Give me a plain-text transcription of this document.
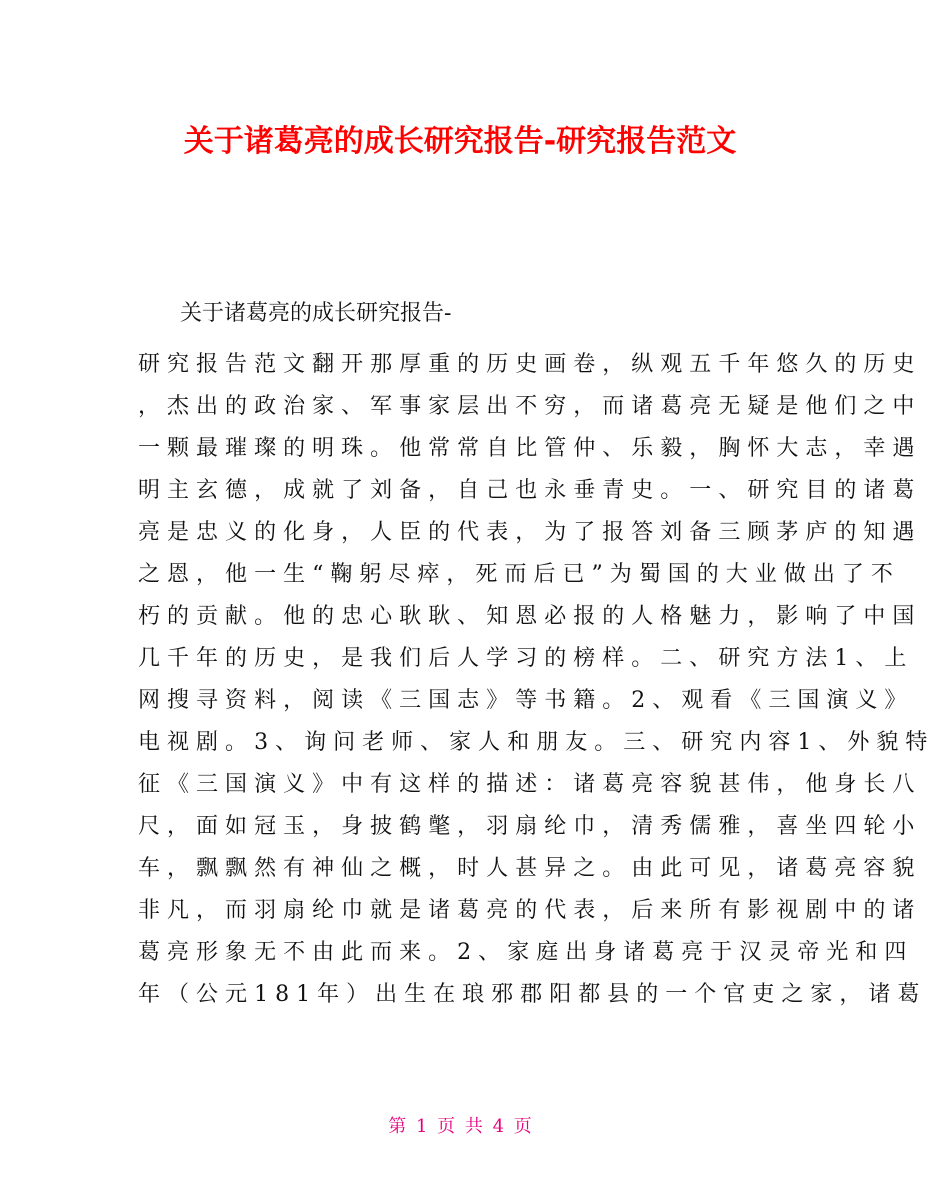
关于诸葛亮的成长研究报告-研究报告范文
关于诸葛亮的成长研究报告-
研 究 报 告 范 文 翻 开 那 厚 重 的 历 史 画 卷 ， 纵 观 五 千 年 悠 久 的 历 史
， 杰 出 的 政 治 家 、 军 事 家 层 出 不 穷 ， 而 诸 葛 亮 无 疑 是 他 们 之 中
一 颗 最 璀 璨 的 明 珠 。 他 常 常 自 比 管 仲 、 乐 毅 ， 胸 怀 大 志 ， 幸 遇
明 主 玄 德 ， 成 就 了 刘 备 ， 自 己 也 永 垂 青 史 。 一 、 研 究 目 的 诸 葛
亮 是 忠 义 的 化 身 ， 人 臣 的 代 表 ， 为 了 报 答 刘 备 三 顾 茅 庐 的 知 遇
之 恩 ， 他 一 生 “ 鞠 躬 尽 瘁 ， 死 而 后 已 ” 为 蜀 国 的 大 业 做 出 了 不
朽 的 贡 献 。 他 的 忠 心 耿 耿 、 知 恩 必 报 的 人 格 魅 力 ， 影 响 了 中 国
几 千 年 的 历 史 ， 是 我 们 后 人 学 习 的 榜 样 。 二 、 研 究 方 法 1 、 上
网 搜 寻 资 料 ， 阅 读 《 三 国 志 》 等 书 籍 。 2 、 观 看 《 三 国 演 义 》
电 视 剧 。 3 、 询 问 老 师 、 家 人 和 朋 友 。 三 、 研 究 内 容 1 、 外 貌 特
征 《 三 国 演 义 》 中 有 这 样 的 描 述 ： 诸 葛 亮 容 貌 甚 伟 ， 他 身 长 八
尺 ， 面 如 冠 玉 ， 身 披 鹤 氅 ， 羽 扇 纶 巾 ， 清 秀 儒 雅 ， 喜 坐 四 轮 小
车 ， 飘 飘 然 有 神 仙 之 概 ， 时 人 甚 异 之 。 由 此 可 见 ， 诸 葛 亮 容 貌
非 凡 ， 而 羽 扇 纶 巾 就 是 诸 葛 亮 的 代 表 ， 后 来 所 有 影 视 剧 中 的 诸
葛 亮 形 象 无 不 由 此 而 来 。 2 、 家 庭 出 身 诸 葛 亮 于 汉 灵 帝 光 和 四
年 （ 公 元 1 8 1 年 ） 出 生 在 琅 邪 郡 阳 都 县 的 一 个 官 吏 之 家 ， 诸 葛
第 1 页 共 4 页
